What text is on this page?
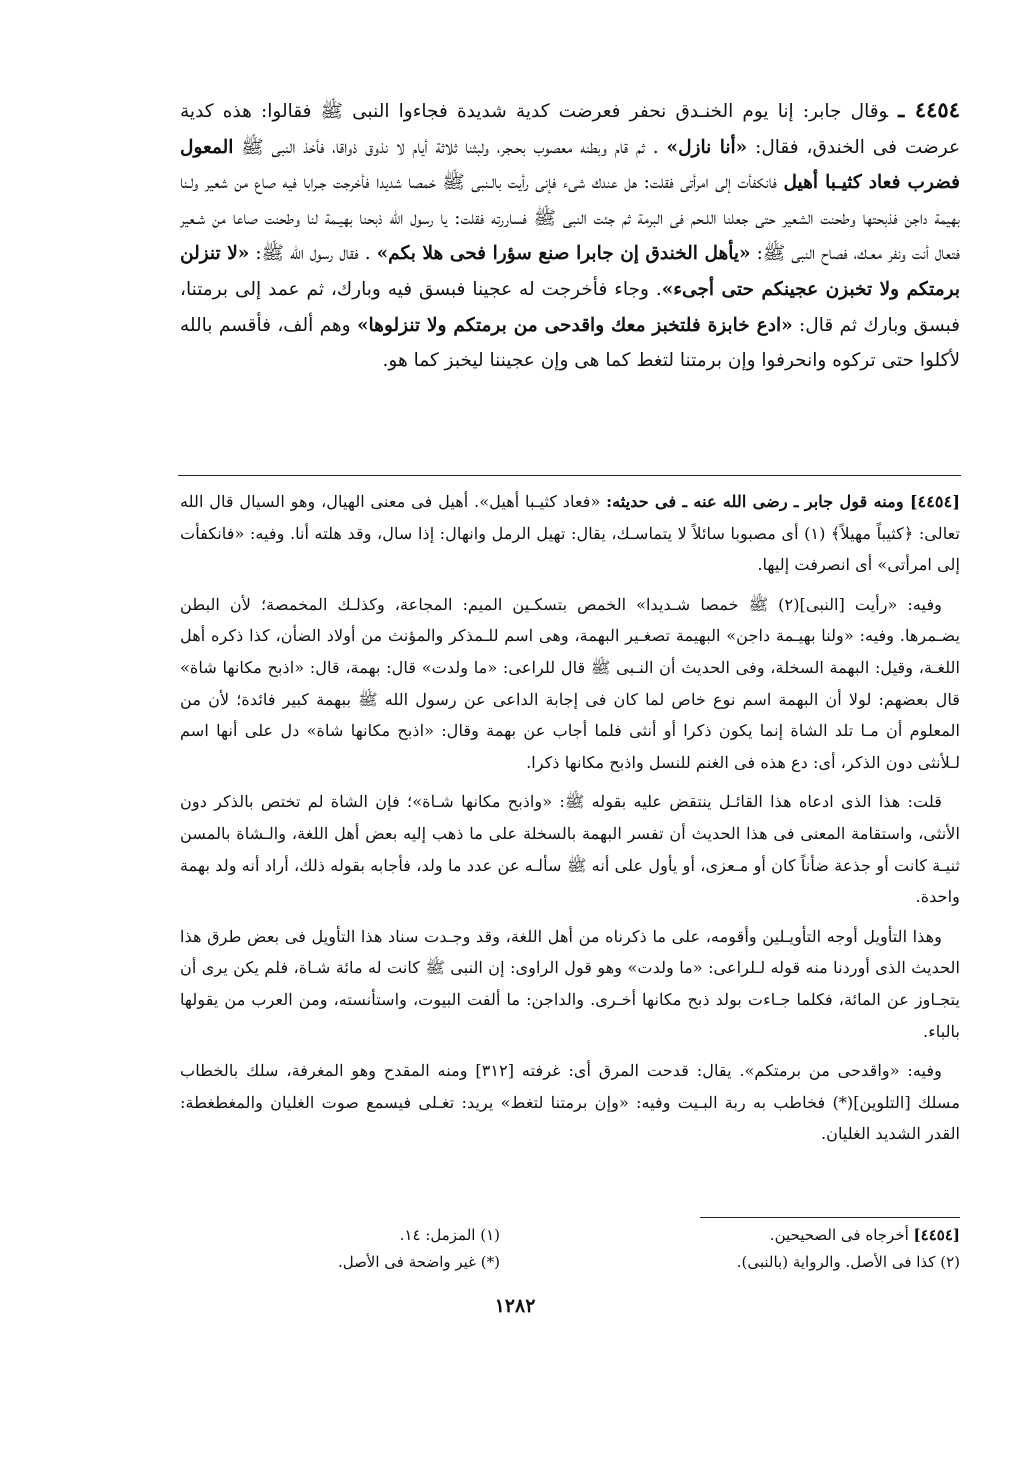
٤٤٥٤ ـوقال جابر: إنا يوم الخنـدق نحفر فعرضت كدية شديدة فجاءوا النبى ﷺ فقالوا: هذه كدية عرضت فى الخندق، فقال: «أنا نازل» . ثم قام وبطنه معصوب بحـجر، ولبثنا ثلاثة أيام لا نذوق ذواقا، فأخذ النبى ﷺ المعول فضرب فعاد كثيـبا أهيل فانكفأت إلى امرأتى فقلت: هل عندك شىء فإنى رأيت بالـنبى ﷺ خمصا شديدا فأخرجت جـرابا فيه صاع من شعير ولـنا بهيمة داجن فذبحتها وطحنت الشعير حتى جعلنا اللـحم فى البرمة ثم جئت النبى ﷺ فساررته فقلت: يا رسول الله ذبحنا بهيـمة لنا وطحنت صاعا من شـعير فتعال أنت ونفر معـك، فصاح النبى ﷺ: «يأهل الخندق إن جابرا صنع سؤرا فحى هلا بكم» . فقال رسول الله ﷺ: «لا تنزلن برمتكم ولا تخبزن عجينكم حتى أجىء». وجاء فأخرجت له عجينا فبسق فيه وبارك، ثم عمد إلى برمتنا، فبسق وبارك ثم قال: «ادع خابزة فلتخبز معك واقدحى من برمتكم ولا تنزلوها» وهم ألف، فأقسم بالله لأكلوا حتى تركوه وانحرفوا وإن برمتنا لتغط كما هى وإن عجيننا ليخبز كما هو.

[٤٤٥٤] ومنه قول جابر ـ رضى الله عنه ـ فى حديثه: «فعاد كثيـبا أهيل». أهيل فى معنى الهيال، وهو السيال قال الله تعالى: ﴿كثيباً مهيلاً﴾ (١) أى مصبوبا سائلاً لا يتماسـك، يقال: تهيل الرمل وانهال: إذا سال، وقد هلته أنا. وفيه: «فانكفأت إلى امرأتى» أى انصرفت إليها.

وفيه: «رأيت [النبى](٢) ﷺ خمصا شـديدا» الخمص بتسكـين الميم: المجاعة، وكذلـك المخمصة؛ لأن البطن يضـمرها. وفيه: «ولنا بهيـمة داجن» البهيمة تصغـير البهمة، وهى اسم للـمذكر والمؤنث من أولاد الضأن، كذا ذكره أهل اللغـة، وقيل: البهمة السخلة، وفى الحديث أن النـبى ﷺ قال للراعى: «ما ولدت» قال: بهمة، قال: «اذبح مكانها شاة» قال بعضهم: لولا أن البهمة اسم نوع خاص لما كان فى إجابة الداعى عن رسول الله ﷺ ببهمة كبير فائدة؛ لأن من المعلوم أن مـا تلد الشاة إنما يكون ذكرا أو أنثى فلما أجاب عن بهمة وقال: «اذبح مكانها شاة» دل على أنها اسم لـلأنثى دون الذكر، أى: دع هذه فى الغنم للنسل واذبح مكانها ذكرا.

قلت: هذا الذى ادعاه هذا القائـل ينتقض عليه بقوله ﷺ: «واذبح مكانها شـاة»؛ فإن الشاة لم تختص بالذكر دون الأنثى، واستقامة المعنى فى هذا الحديث أن تفسر البهمة بالسخلة على ما ذهب إليه بعض أهل اللغة، والـشاة بالمسن ثنيـة كانت أو جذعة ضأناً كان أو مـعزى، أو يأول على أنه ﷺ سألـه عن عدد ما ولد، فأجابه بقوله ذلك، أراد أنه ولد بهمة واحدة.

وهذا التأويل أوجه التأويـلين وأقومه، على ما ذكرناه من أهل اللغة، وقد وجـدت سناد هذا التأويل فى بعض طرق هذا الحديث الذى أوردنا منه قوله لـلراعى: «ما ولدت» وهو قول الراوى: إن النبى ﷺ كانت له مائة شـاة، فلم يكن يرى أن يتجـاوز عن المائة، فكلما جـاءت بولد ذبح مكانها أخـرى. والداجن: ما ألفت البيوت، واستأنسته، ومن العرب من يقولها بالباء.

وفيه: «واقدحى من برمتكم». يقال: قدحت المرق أى: غرفته [٣١٢] ومنه المقدح وهو المغرفة، سلك بالخطاب مسلك [التلوين](*) فخاطب به ربة البـيت وفيه: «وإن برمتنا لتغط» يريد: تغـلى فيسمع صوت الغليان والمغطغطة: القدر الشديد الغليان.

[٤٤٥٤] أخرجاه فى الصحيحين.
(٢) كذا فى الأصل. والرواية (بالنبى).
(١) المزمل: ١٤.
(*) غير واضحة فى الأصل.
١٢٨٢
